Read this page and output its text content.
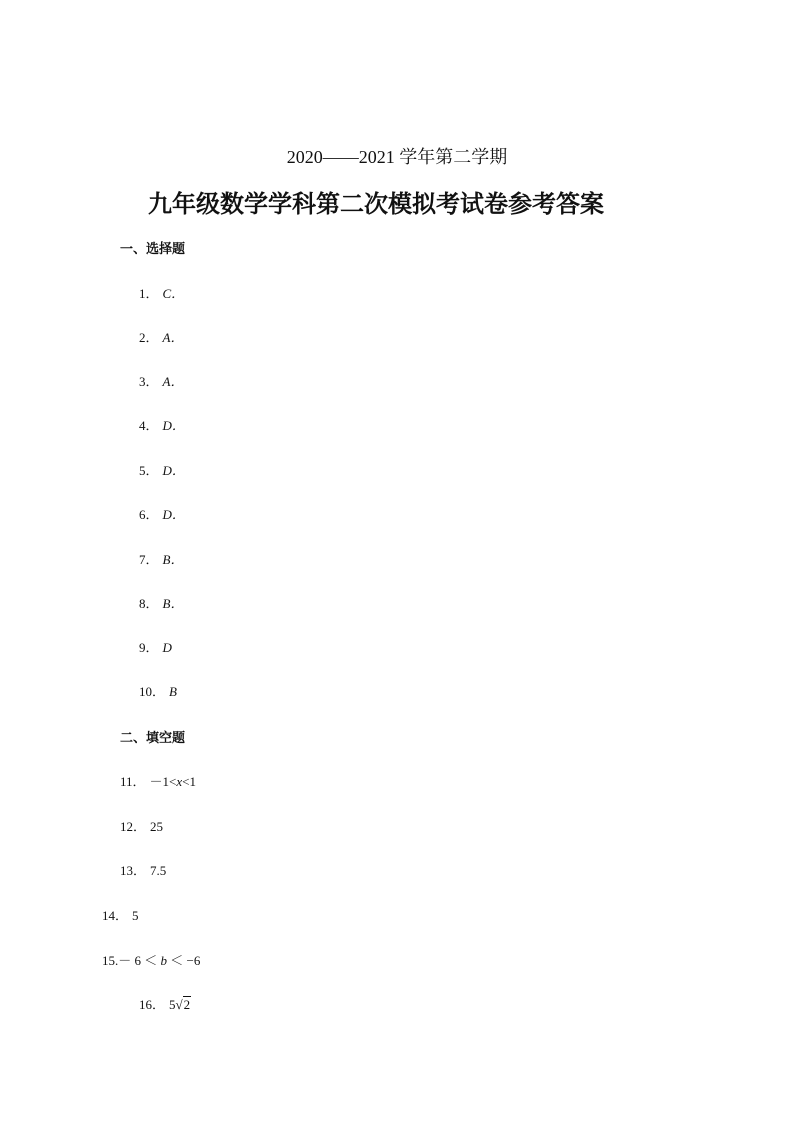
2020——2021 学年第二学期
九年级数学学科第二次模拟考试卷参考答案
一、选择题
1． C．
2． A．
3． A．
4． D．
5． D．
6． D．
7． B．
8． B．
9． D
10． B
二、填空题
11． －1<x<1
12． 25
13． 7.5
14． 5
15.－ 6 ＜ b ＜ −6
16． 5√2
